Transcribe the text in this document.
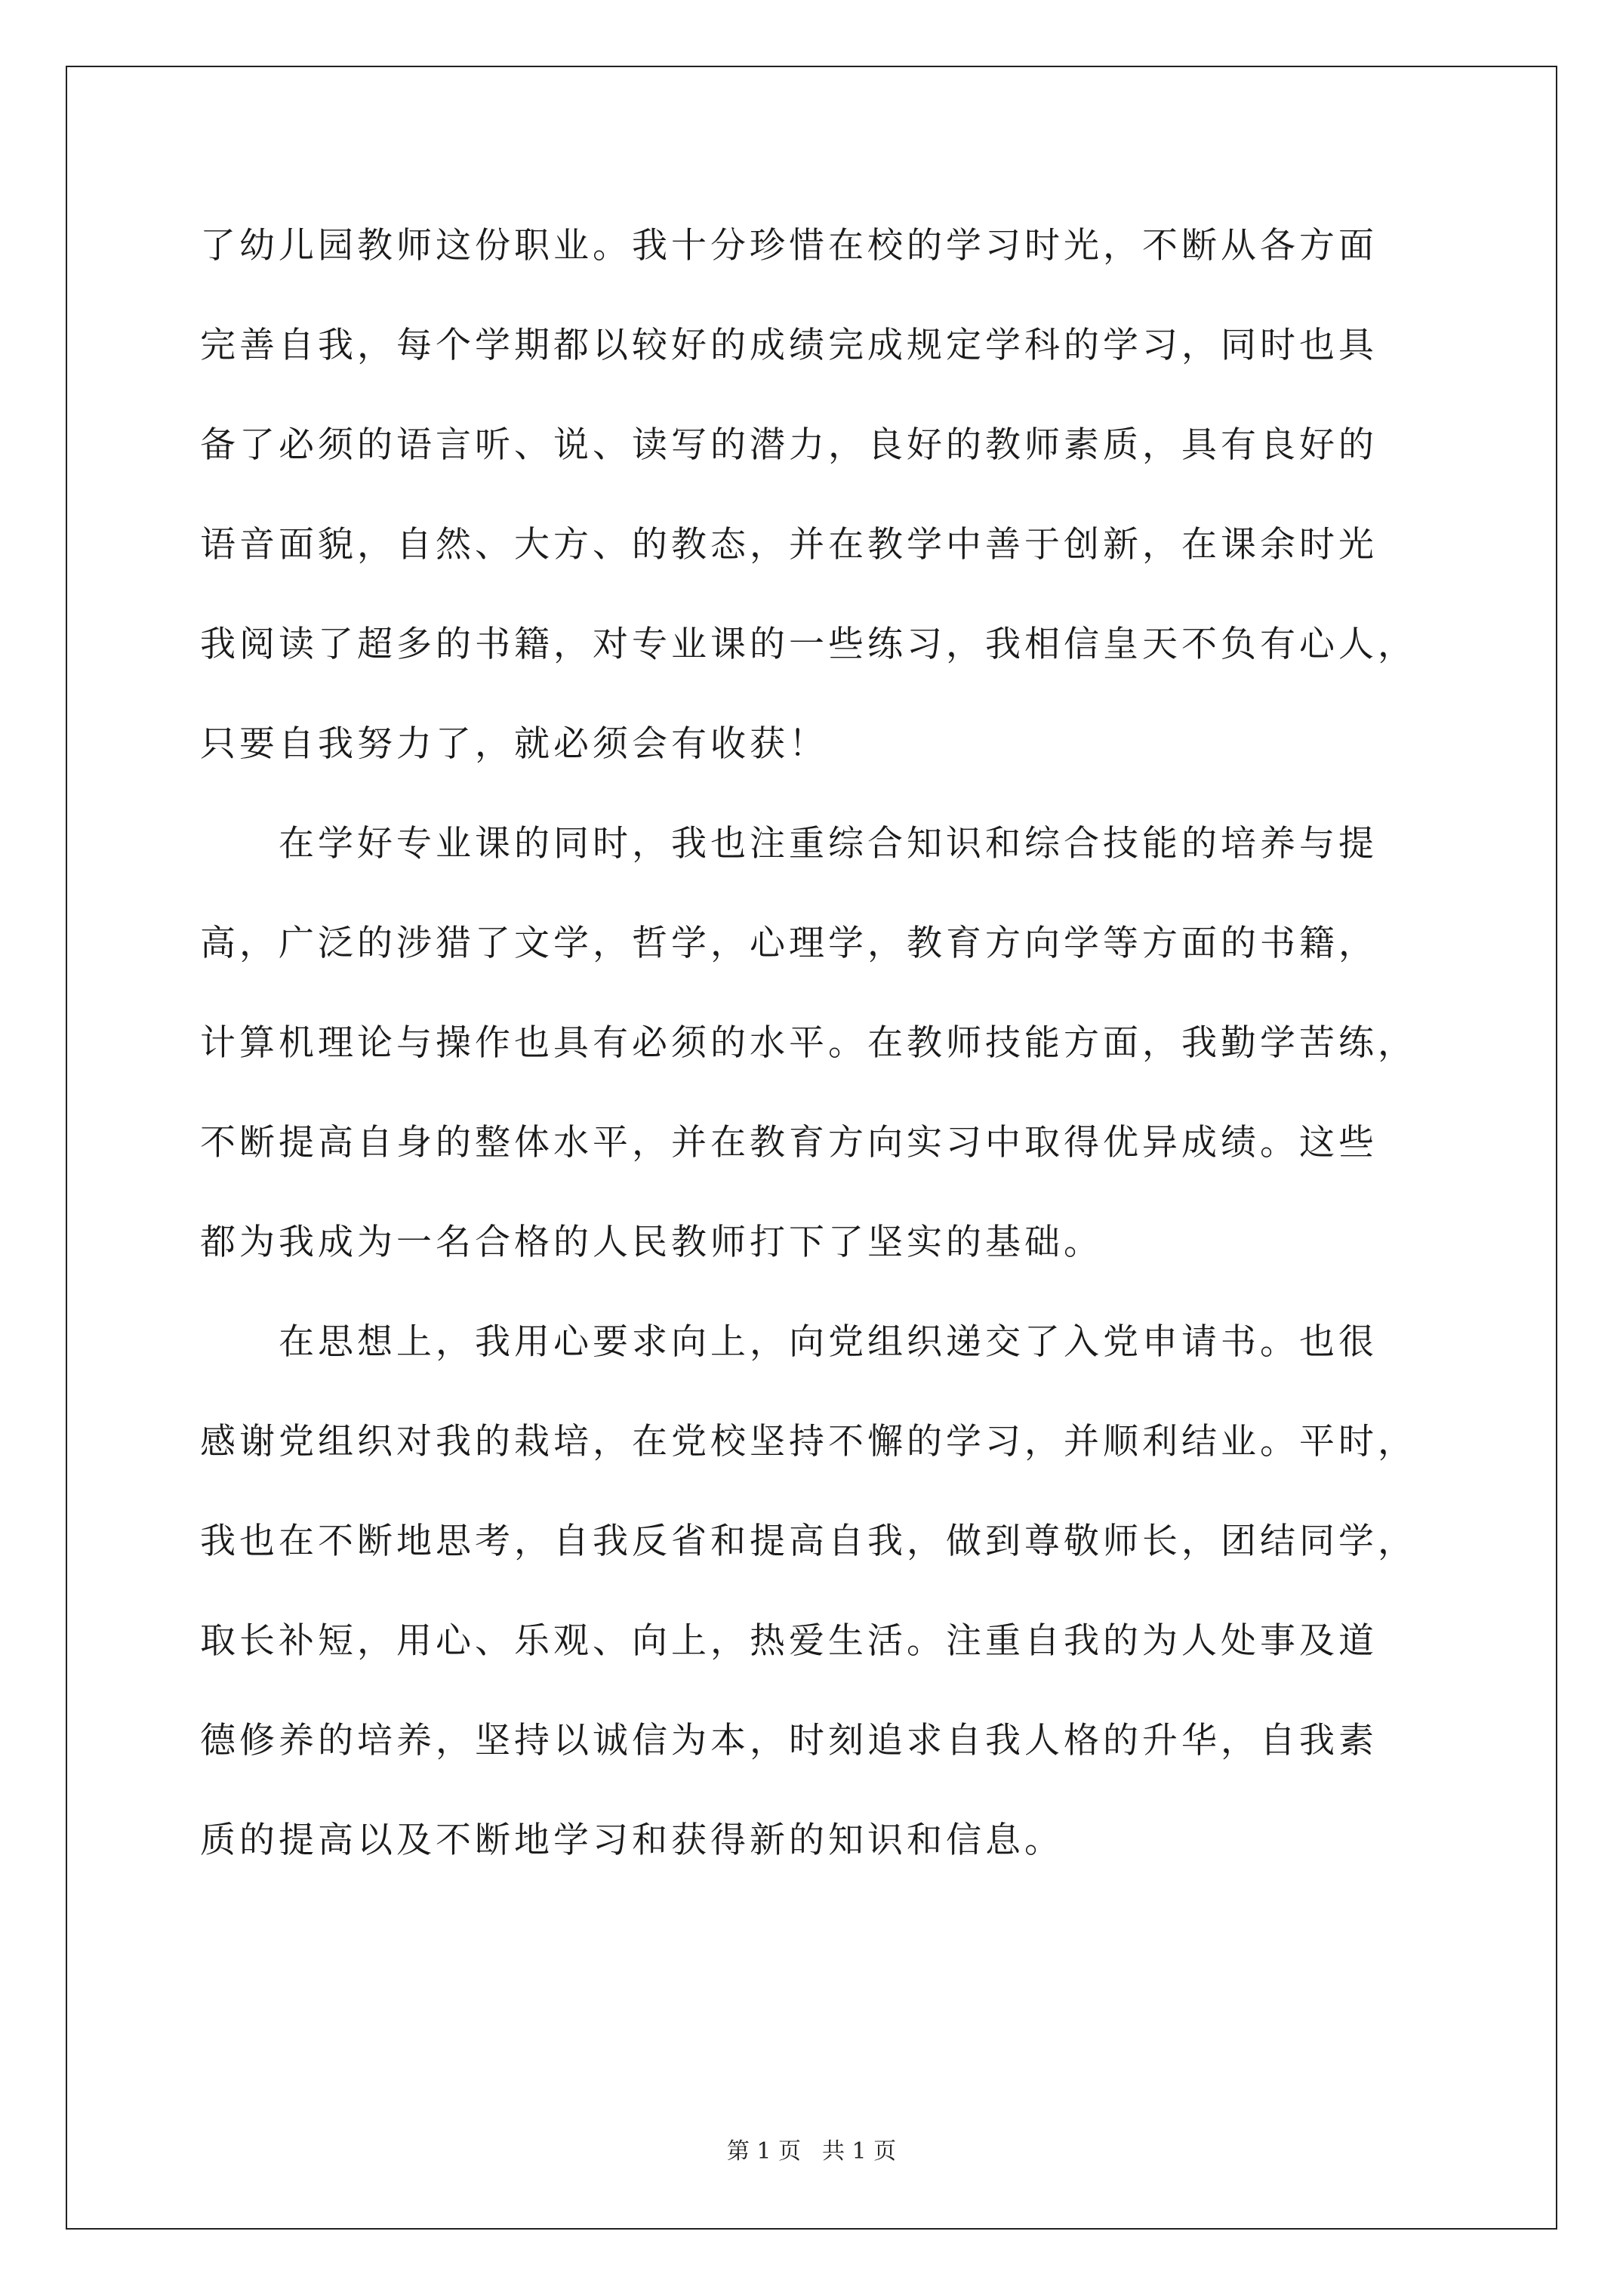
了幼儿园教师这份职业。我十分珍惜在校的学习时光，不断从各方面
完善自我，每个学期都以较好的成绩完成规定学科的学习，同时也具
备了必须的语言听、说、读写的潜力，良好的教师素质，具有良好的
语音面貌，自然、大方、的教态，并在教学中善于创新，在课余时光
我阅读了超多的书籍，对专业课的一些练习，我相信皇天不负有心人，
只要自我努力了，就必须会有收获！
在学好专业课的同时，我也注重综合知识和综合技能的培养与提
高，广泛的涉猎了文学，哲学，心理学，教育方向学等方面的书籍，
计算机理论与操作也具有必须的水平。在教师技能方面，我勤学苦练，
不断提高自身的整体水平，并在教育方向实习中取得优异成绩。这些
都为我成为一名合格的人民教师打下了坚实的基础。
在思想上，我用心要求向上，向党组织递交了入党申请书。也很
感谢党组织对我的栽培，在党校坚持不懈的学习，并顺利结业。平时，
我也在不断地思考，自我反省和提高自我，做到尊敬师长，团结同学，
取长补短，用心、乐观、向上，热爱生活。注重自我的为人处事及道
德修养的培养，坚持以诚信为本，时刻追求自我人格的升华，自我素
质的提高以及不断地学习和获得新的知识和信息。
第 1 页 共 1 页
